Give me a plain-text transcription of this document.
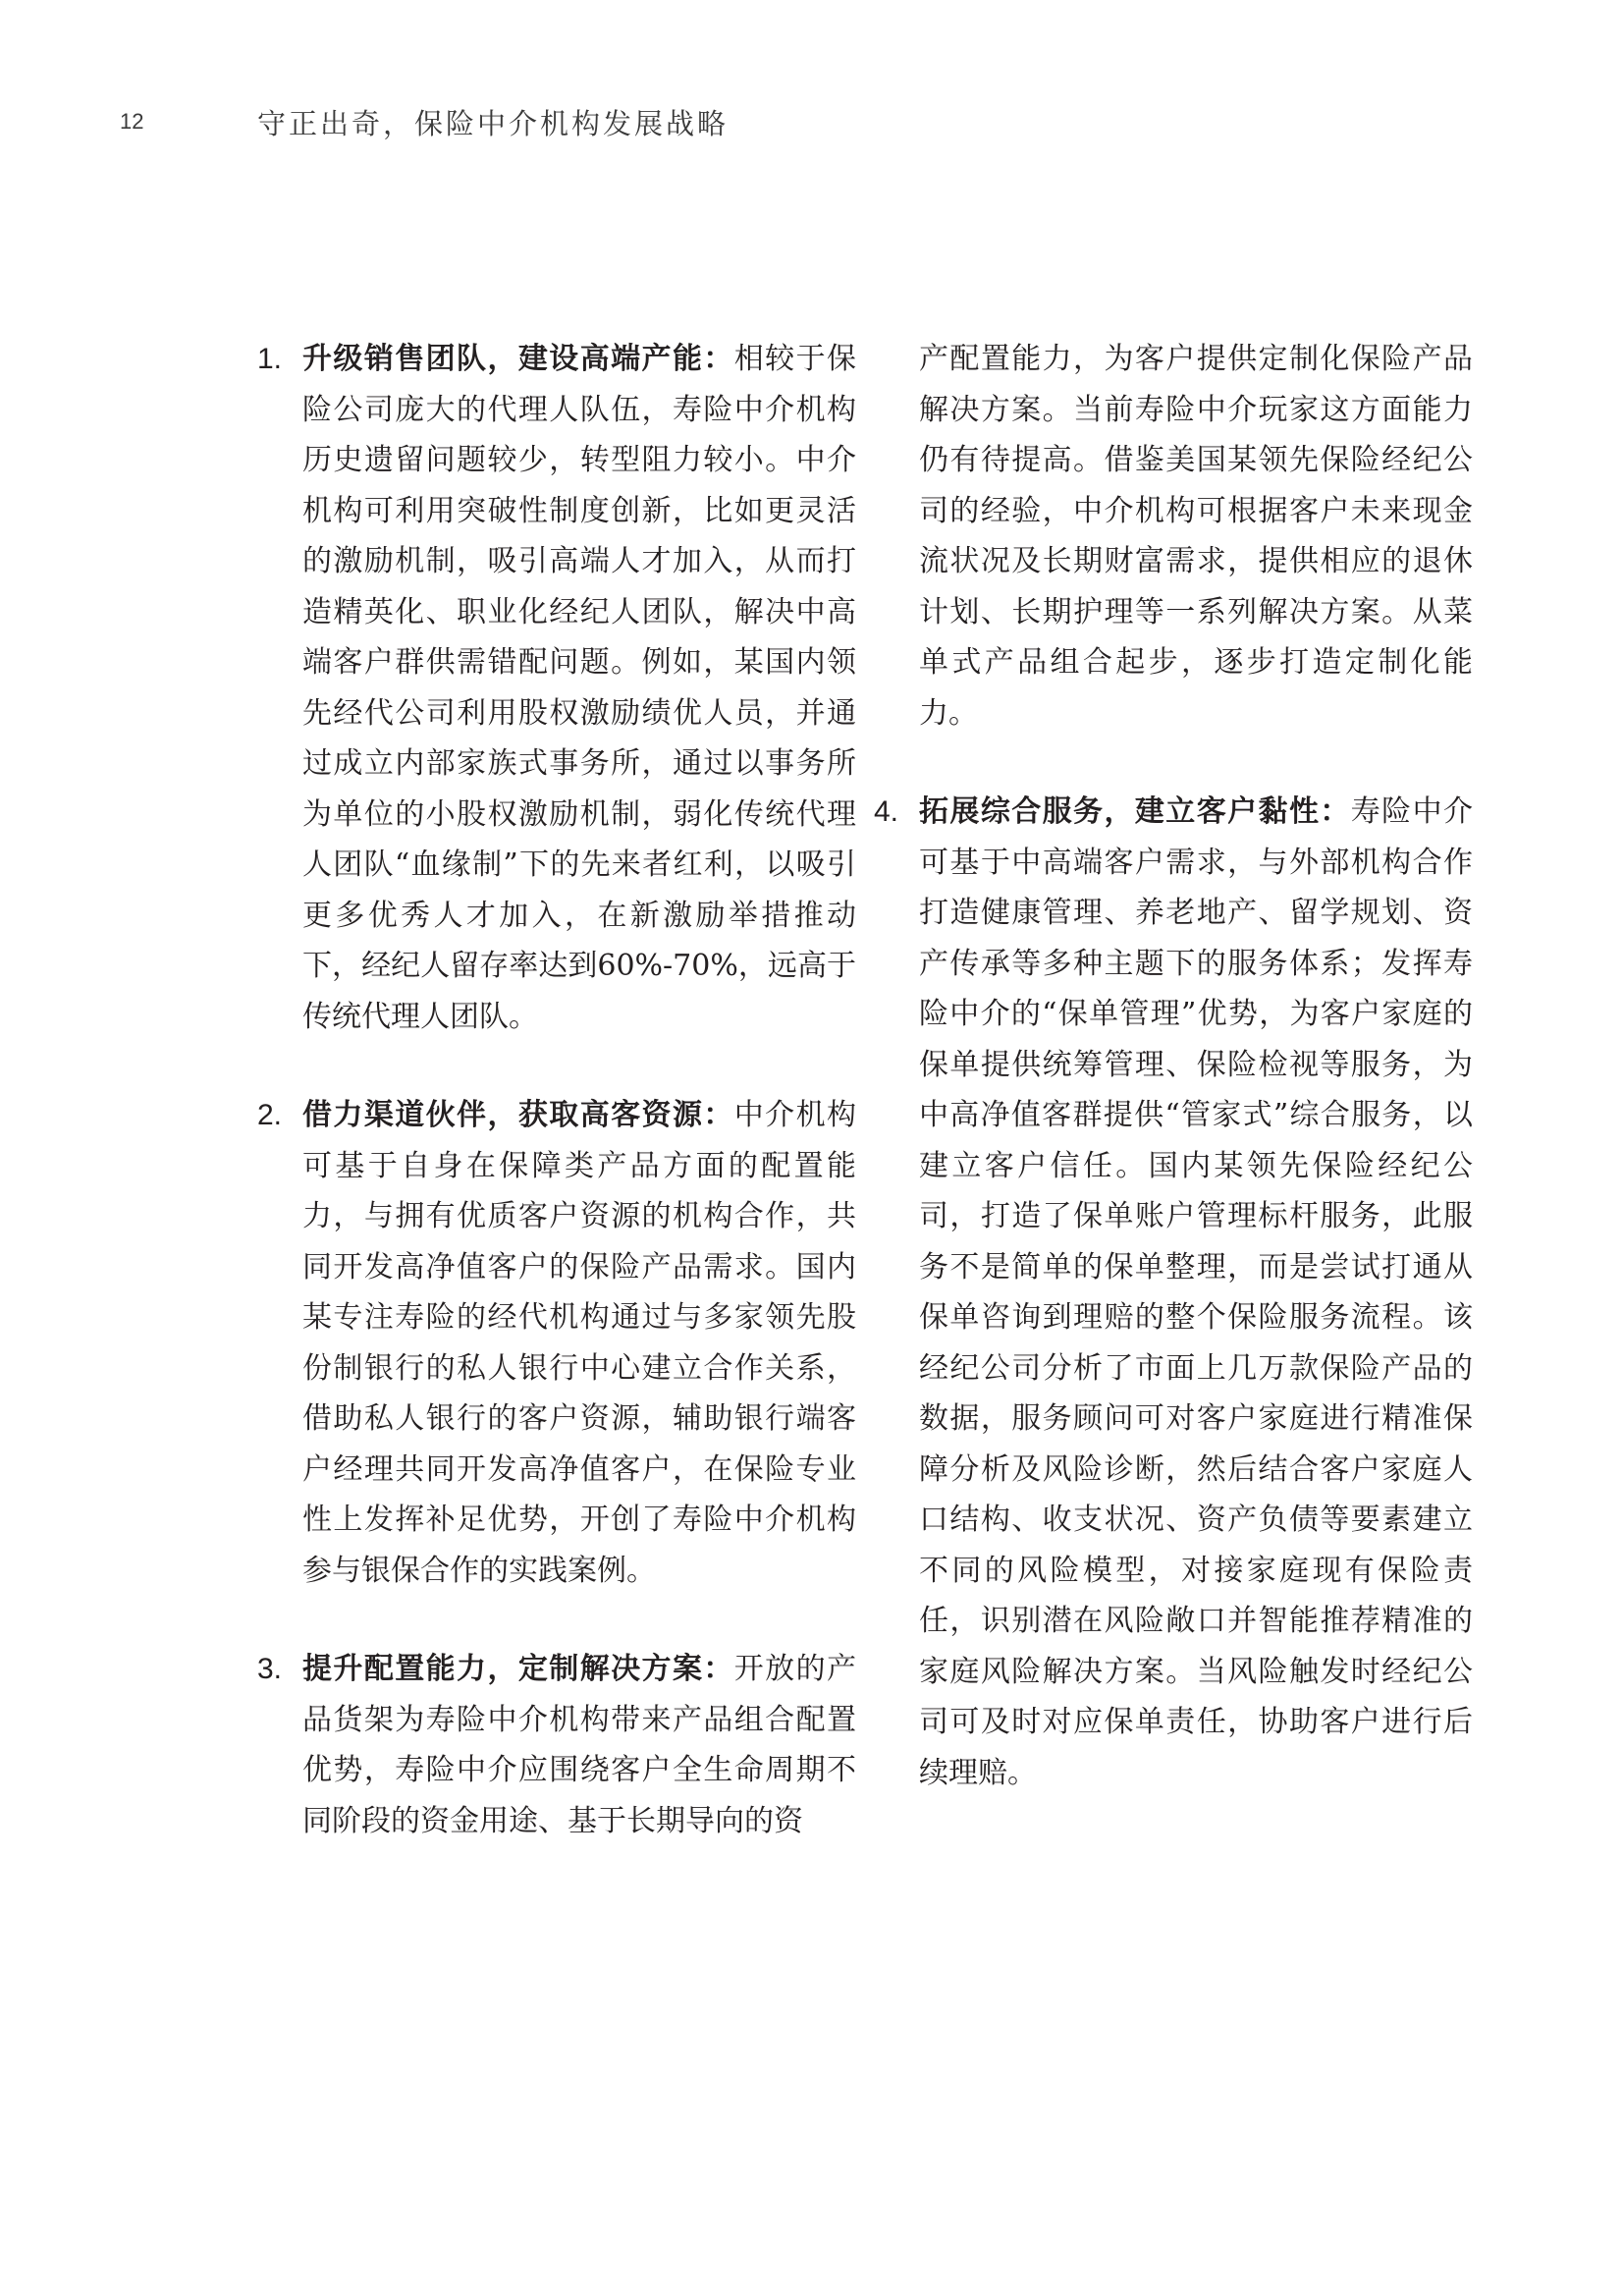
12	守正出奇，保险中介机构发展战略
1. 升级销售团队，建设高端产能：相较于保险公司庞大的代理人队伍，寿险中介机构历史遗留问题较少，转型阻力较小。中介机构可利用突破性制度创新，比如更灵活的激励机制，吸引高端人才加入，从而打造精英化、职业化经纪人团队，解决中高端客户群供需错配问题。例如，某国内领先经代公司利用股权激励绩优人员，并通过成立内部家族式事务所，通过以事务所为单位的小股权激励机制，弱化传统代理人团队“血缘制”下的先来者红利，以吸引更多优秀人才加入，在新激励举措推动下，经纪人留存率达到60%-70%，远高于传统代理人团队。
2. 借力渠道伙伴，获取高客资源：中介机构可基于自身在保障类产品方面的配置能力，与拥有优质客户资源的机构合作，共同开发高净值客户的保险产品需求。国内某专注寿险的经代机构通过与多家领先股份制银行的私人银行中心建立合作关系，借助私人银行的客户资源，辅助银行端客户经理共同开发高净值客户，在保险专业性上发挥补足优势，开创了寿险中介机构参与银保合作的实践案例。
3. 提升配置能力，定制解决方案：开放的产品货架为寿险中介机构带来产品组合配置优势，寿险中介应围绕客户全生命周期不同阶段的资金用途、基于长期导向的资
产配置能力，为客户提供定制化保险产品解决方案。当前寿险中介玩家这方面能力仍有待提高。借鉴美国某领先保险经纪公司的经验，中介机构可根据客户未来现金流状况及长期财富需求，提供相应的退休计划、长期护理等一系列解决方案。从菜单式产品组合起步，逐步打造定制化能力。
4. 拓展综合服务，建立客户黏性：寿险中介可基于中高端客户需求，与外部机构合作打造健康管理、养老地产、留学规划、资产传承等多种主题下的服务体系；发挥寿险中介的“保单管理”优势，为客户家庭的保单提供统筹管理、保险检视等服务，为中高净值客群提供“管家式”综合服务，以建立客户信任。国内某领先保险经纪公司，打造了保单账户管理标杆服务，此服务不是简单的保单整理，而是尝试打通从保单咨询到理赔的整个保险服务流程。该经纪公司分析了市面上几万款保险产品的数据，服务顾问可对客户家庭进行精准保障分析及风险诊断，然后结合客户家庭人口结构、收支状况、资产负债等要素建立不同的风险模型，对接家庭现有保险责任，识别潜在风险敞口并智能推荐精准的家庭风险解决方案。当风险触发时经纪公司可及时对应保单责任，协助客户进行后续理赔。
